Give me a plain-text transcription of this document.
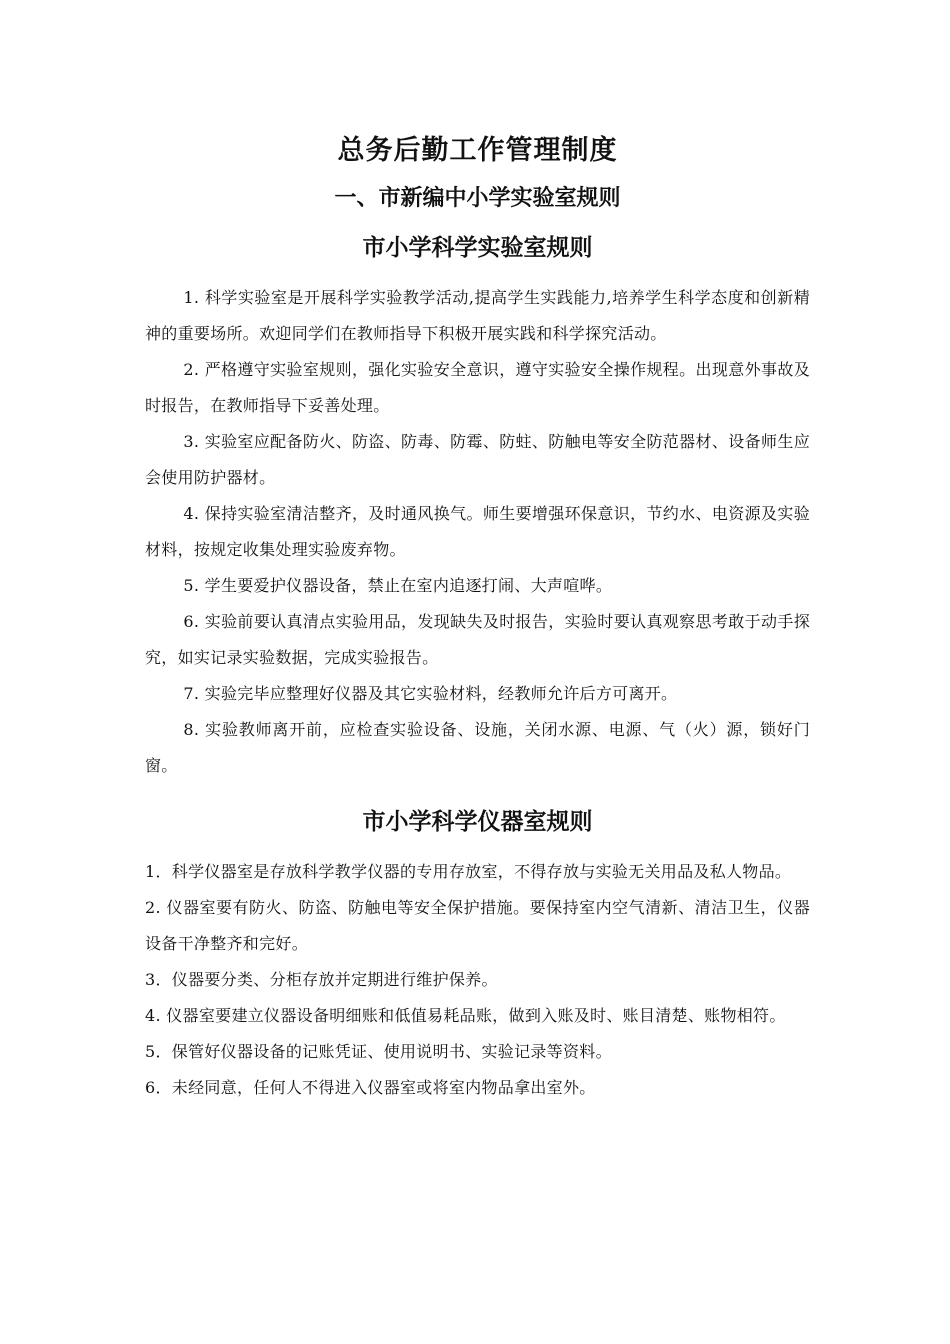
总务后勤工作管理制度
一、市新编中小学实验室规则
市小学科学实验室规则

1. 科学实验室是开展科学实验教学活动,提高学生实践能力,培养学生科学态度和创新精神的重要场所。欢迎同学们在教师指导下积极开展实践和科学探究活动。

2. 严格遵守实验室规则，强化实验安全意识，遵守实验安全操作规程。出现意外事故及时报告，在教师指导下妥善处理。

3. 实验室应配备防火、防盗、防毒、防霉、防蛀、防触电等安全防范器材、设备师生应会使用防护器材。

4. 保持实验室清洁整齐，及时通风换气。师生要增强环保意识，节约水、电资源及实验材料，按规定收集处理实验废弃物。

5. 学生要爱护仪器设备，禁止在室内追逐打闹、大声喧哗。

6. 实验前要认真清点实验用品，发现缺失及时报告，实验时要认真观察思考敢于动手探究，如实记录实验数据，完成实验报告。

7. 实验完毕应整理好仪器及其它实验材料，经教师允许后方可离开。

8. 实验教师离开前，应检查实验设备、设施，关闭水源、电源、气（火）源，锁好门窗。

市小学科学仪器室规则

1．科学仪器室是存放科学教学仪器的专用存放室，不得存放与实验无关用品及私人物品。

2. 仪器室要有防火、防盗、防触电等安全保护措施。要保持室内空气清新、清洁卫生，仪器设备干净整齐和完好。

3．仪器要分类、分柜存放并定期进行维护保养。

4. 仪器室要建立仪器设备明细账和低值易耗品账，做到入账及时、账目清楚、账物相符。

5．保管好仪器设备的记账凭证、使用说明书、实验记录等资料。

6．未经同意，任何人不得进入仪器室或将室内物品拿出室外。
